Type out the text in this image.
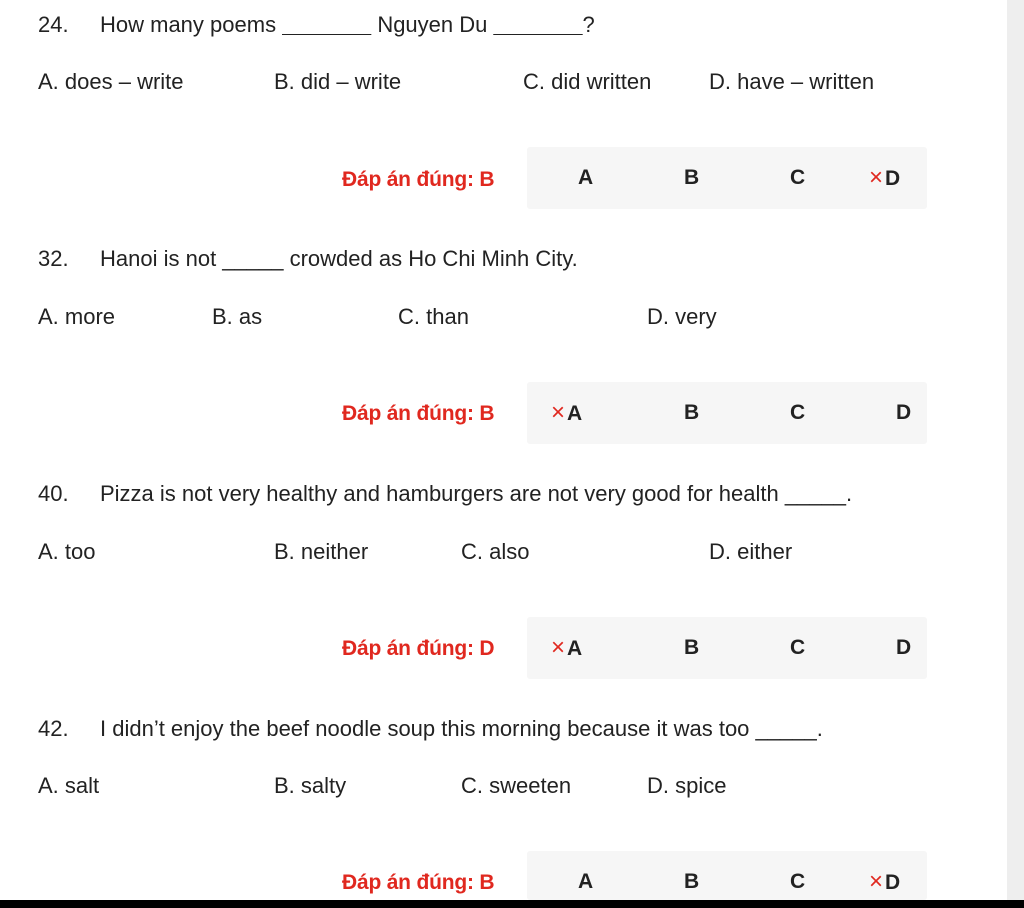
24. How many poems __________ Nguyen Du __________?
A. does – write	B. did – write	C. did written	D. have – written
Đáp án đúng: B	A	B	C	×D
32. Hanoi is not _____ crowded as Ho Chi Minh City.
A. more	B. as	C. than	D. very
Đáp án đúng: B ×A	B	C	D
40. Pizza is not very healthy and hamburgers are not very good for health _____.
A. too	B. neither	C. also	D. either
Đáp án đúng: D ×A	B	C	D
42. I didn’t enjoy the beef noodle soup this morning because it was too _____.
A. salt	B. salty	C. sweeten	D. spice
Đáp án đúng: B	A	B	C	×D
